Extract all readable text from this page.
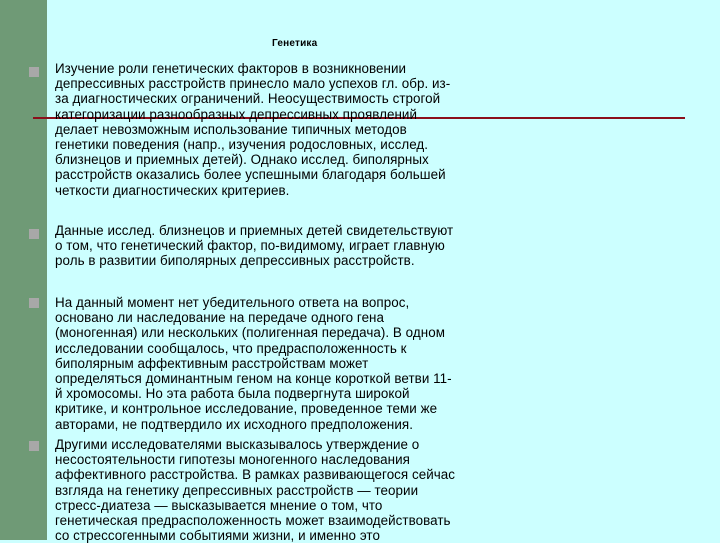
Генетика

Изучение роли генетических факторов в возникновении
депрессивных расстройств принесло мало успехов гл. обр. из-
за диагностических ограничений. Неосуществимость строгой
категоризации разнообразных депрессивных проявлений
делает невозможным использование типичных методов
генетики поведения (напр., изучения родословных, исслед.
близнецов и приемных детей). Однако исслед. биполярных
расстройств оказались более успешными благодаря большей
четкости диагностических критериев.

Данные исслед. близнецов и приемных детей свидетельствуют
о том, что генетический фактор, по-видимому, играет главную
роль в развитии биполярных депрессивных расстройств.

На данный момент нет убедительного ответа на вопрос,
основано ли наследование на передаче одного гена
(моногенная) или нескольких (полигенная передача). В одном
исследовании сообщалось, что предрасположенность к
биполярным аффективным расстройствам может
определяться доминантным геном на конце короткой ветви 11-
й хромосомы. Но эта работа была подвергнута широкой
критике, и контрольное исследование, проведенное теми же
авторами, не подтвердило их исходного предположения.

Другими исследователями высказывалось утверждение о
несостоятельности гипотезы моногенного наследования
аффективного расстройства. В рамках развивающегося сейчас
взгляда на генетику депрессивных расстройств — теории
стресс-диатеза — высказывается мнение о том, что
генетическая предрасположенность может взаимодействовать
со стрессогенными событиями жизни, и именно это
